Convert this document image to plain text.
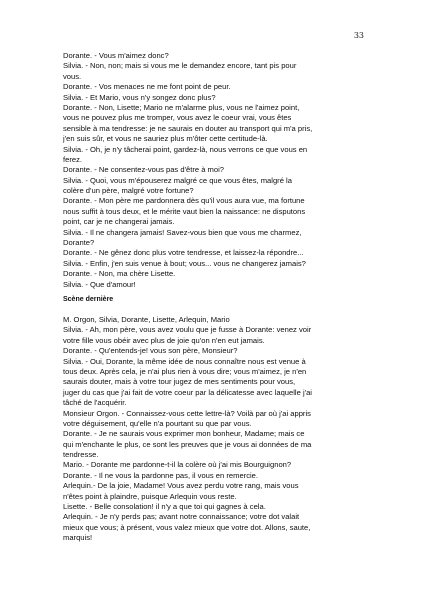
33
Dorante. - Vous m'aimez donc?
Silvia. - Non, non; mais si vous me le demandez encore, tant pis pour
vous.
Dorante. - Vos menaces ne me font point de peur.
Silvia. - Et Mario, vous n'y songez donc plus?
Dorante. - Non, Lisette; Mario ne m'alarme plus, vous ne l'aimez point,
vous ne pouvez plus me tromper, vous avez le coeur vrai, vous êtes
sensible à ma tendresse: je ne saurais en douter au transport qui m'a pris,
j'en suis sûr, et vous ne sauriez plus m'ôter cette certitude-là.
Silvia. - Oh, je n'y tâcherai point, gardez-là, nous verrons ce que vous en
ferez.
Dorante. - Ne consentez-vous pas d'être à moi?
Silvia. - Quoi, vous m'épouserez malgré ce que vous êtes, malgré la
colère d'un père, malgré votre fortune?
Dorante. - Mon père me pardonnera dès qu'il vous aura vue, ma fortune
nous suffit à tous deux, et le mérite vaut bien la naissance: ne disputons
point, car je ne changerai jamais.
Silvia. - Il ne changera jamais! Savez-vous bien que vous me charmez,
Dorante?
Dorante. - Ne gênez donc plus votre tendresse, et laissez-la répondre...
Silvia. - Enfin, j'en suis venue à bout; vous... vous ne changerez jamais?
Dorante. - Non, ma chère Lisette.
Silvia. - Que d'amour!
Scène dernière
M. Orgon, Silvia, Dorante, Lisette, Arlequin, Mario
Silvia. - Ah, mon père, vous avez voulu que je fusse à Dorante: venez voir
votre fille vous obéir avec plus de joie qu'on n'en eut jamais.
Dorante. - Qu'entends-je! vous son père, Monsieur?
Silvia. - Oui, Dorante, la même idée de nous connaître nous est venue à
tous deux. Après cela, je n'ai plus rien à vous dire; vous m'aimez, je n'en
saurais douter, mais à votre tour jugez de mes sentiments pour vous,
juger du cas que j'ai fait de votre coeur par la délicatesse avec laquelle j'ai
tâché de l'acquérir.
Monsieur Orgon. - Connaissez-vous cette lettre-là? Voilà par où j'ai appris
votre déguisement, qu'elle n'a pourtant su que par vous.
Dorante. - Je ne saurais vous exprimer mon bonheur, Madame; mais ce
qui m'enchante le plus, ce sont les preuves que je vous ai données de ma
tendresse.
Mario. - Dorante me pardonne-t-il la colère où j'ai mis Bourguignon?
Dorante. - Il ne vous la pardonne pas, il vous en remercie.
Arlequin.- De la joie, Madame! Vous avez perdu votre rang, mais vous
n'êtes point à plaindre, puisque Arlequin vous reste.
Lisette. - Belle consolation! il n'y a que toi qui gagnes à cela.
Arlequin. - Je n'y perds pas; avant notre connaissance; votre dot valait
mieux que vous; à présent, vous valez mieux que votre dot. Allons, saute,
marquis!
